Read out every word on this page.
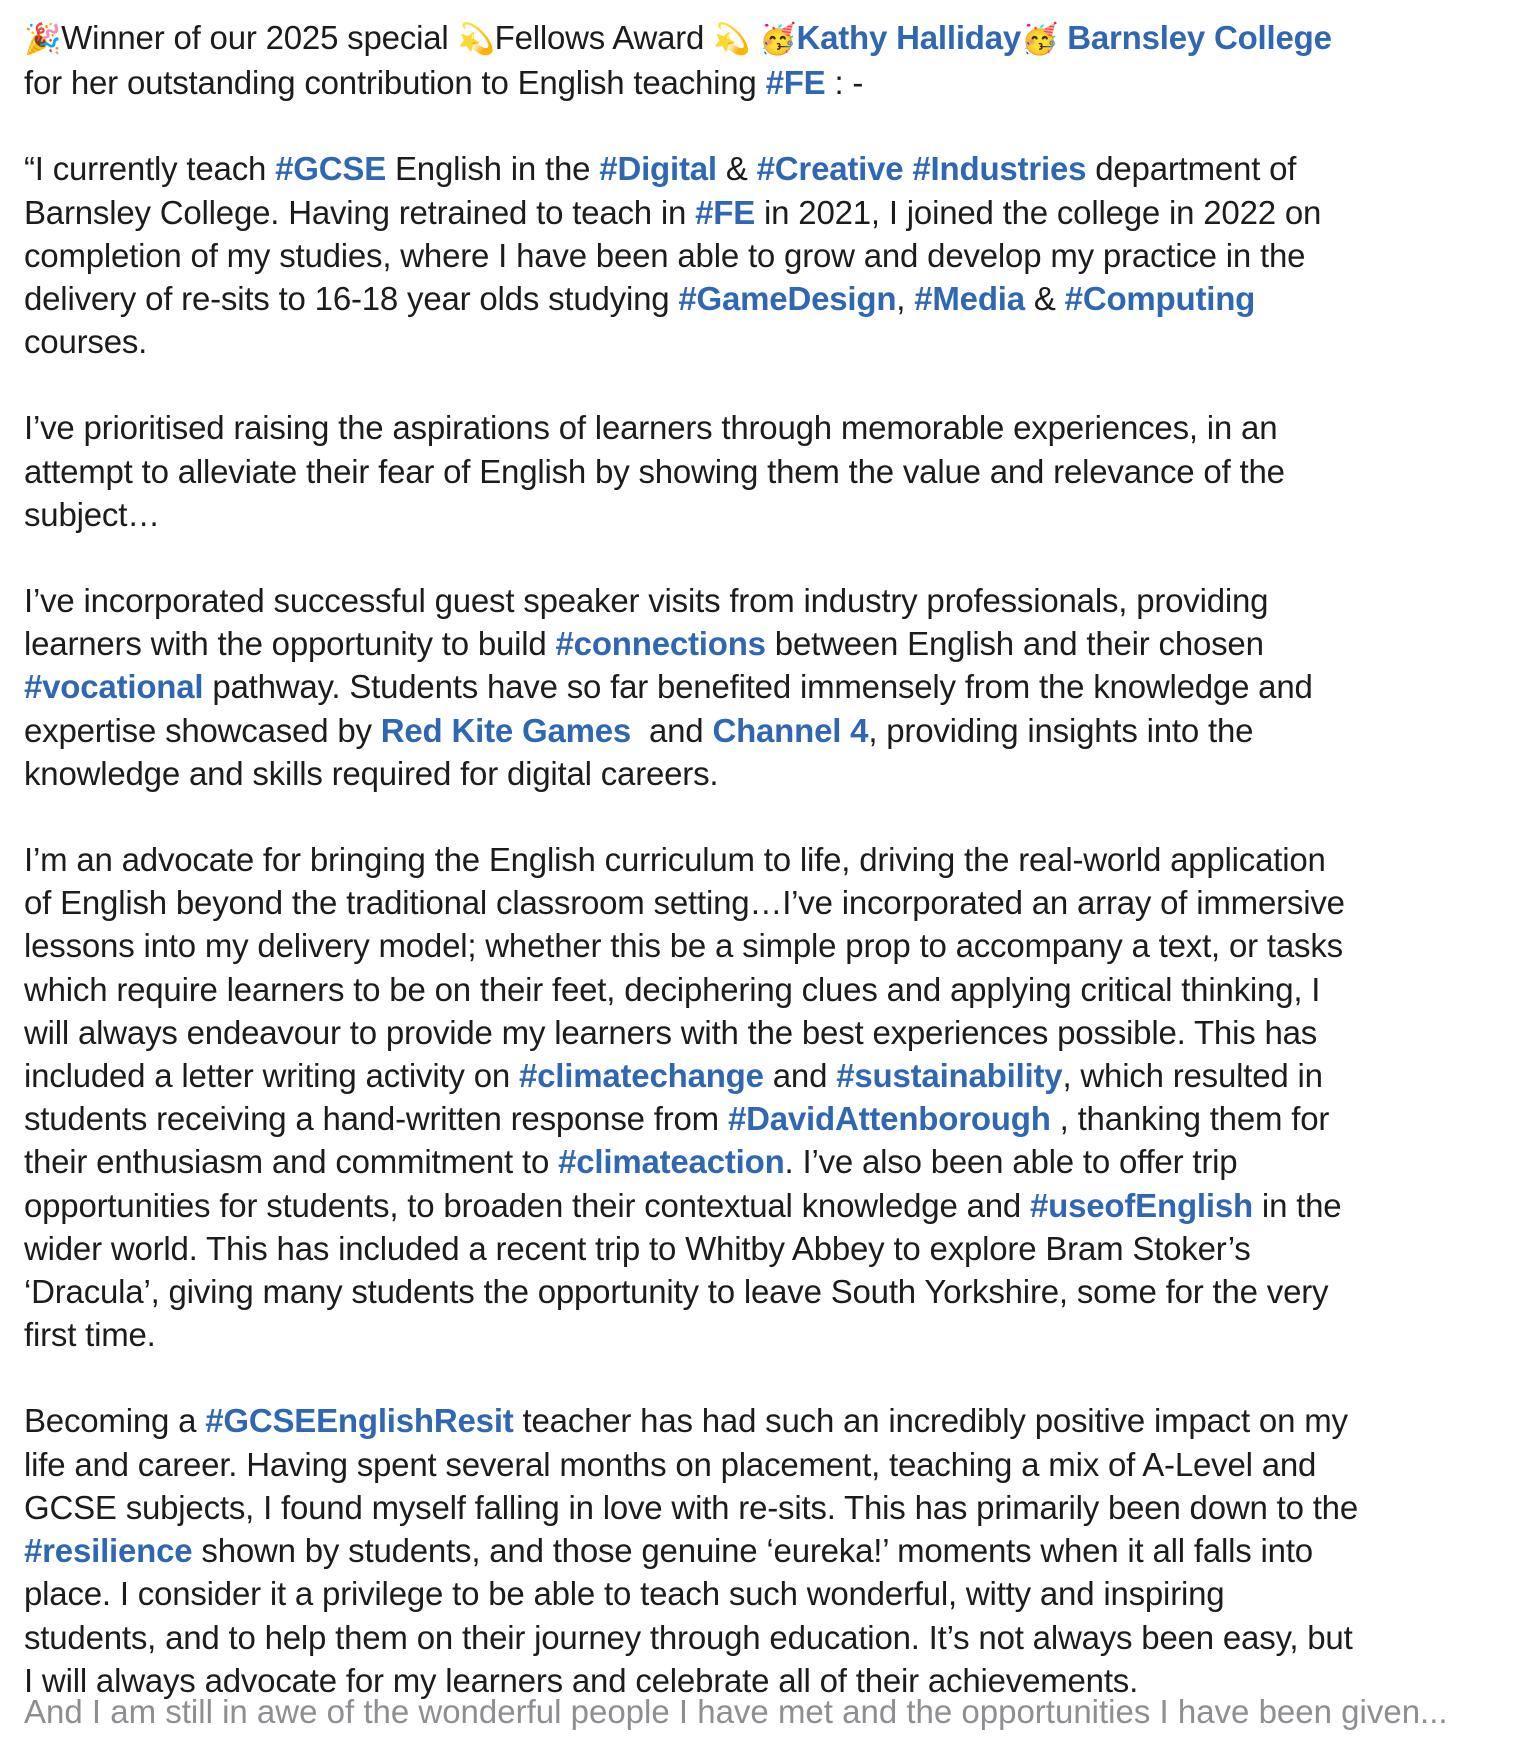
🎉Winner of our 2025 special 💫Fellows Award 💫 🥳Kathy Halliday🥳 Barnsley College
for her outstanding contribution to English teaching #FE : -
“I currently teach #GCSE English in the #Digital & #Creative #Industries department of
Barnsley College. Having retrained to teach in #FE in 2021, I joined the college in 2022 on
completion of my studies, where I have been able to grow and develop my practice in the
delivery of re-sits to 16-18 year olds studying #GameDesign, #Media & #Computing
courses.
I’ve prioritised raising the aspirations of learners through memorable experiences, in an
attempt to alleviate their fear of English by showing them the value and relevance of the
subject…
I’ve incorporated successful guest speaker visits from industry professionals, providing
learners with the opportunity to build #connections between English and their chosen
#vocational pathway. Students have so far benefited immensely from the knowledge and
expertise showcased by Red Kite Games  and Channel 4, providing insights into the
knowledge and skills required for digital careers.
I’m an advocate for bringing the English curriculum to life, driving the real-world application
of English beyond the traditional classroom setting…I’ve incorporated an array of immersive
lessons into my delivery model; whether this be a simple prop to accompany a text, or tasks
which require learners to be on their feet, deciphering clues and applying critical thinking, I
will always endeavour to provide my learners with the best experiences possible. This has
included a letter writing activity on #climatechange and #sustainability, which resulted in
students receiving a hand-written response from #DavidAttenborough , thanking them for
their enthusiasm and commitment to #climateaction. I’ve also been able to offer trip
opportunities for students, to broaden their contextual knowledge and #useofEnglish in the
wider world. This has included a recent trip to Whitby Abbey to explore Bram Stoker’s
‘Dracula’, giving many students the opportunity to leave South Yorkshire, some for the very
first time.
Becoming a #GCSEEnglishResit teacher has had such an incredibly positive impact on my
life and career. Having spent several months on placement, teaching a mix of A-Level and
GCSE subjects, I found myself falling in love with re-sits. This has primarily been down to the
#resilience shown by students, and those genuine ‘eureka!’ moments when it all falls into
place. I consider it a privilege to be able to teach such wonderful, witty and inspiring
students, and to help them on their journey through education. It’s not always been easy, but
I will always advocate for my learners and celebrate all of their achievements.
And I am still in awe of the wonderful people I have met and the opportunities I have been given...
